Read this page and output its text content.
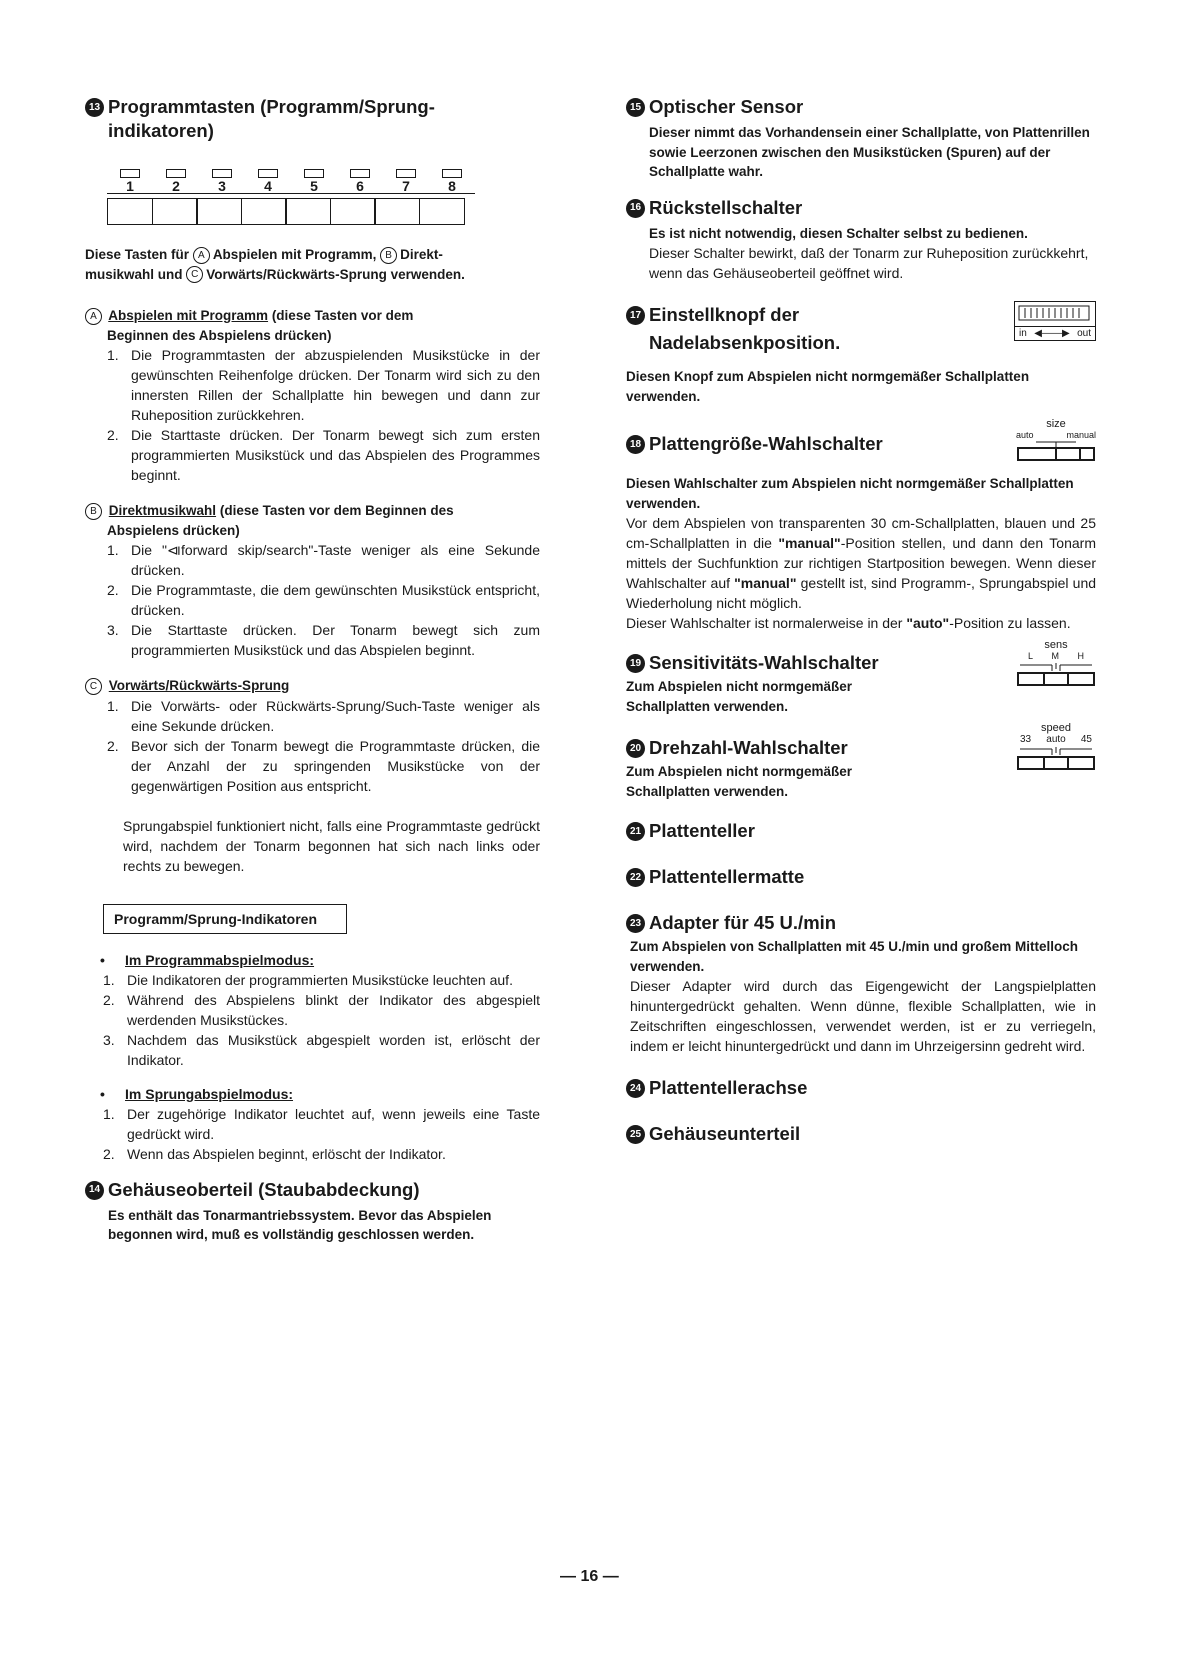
13 Programmtasten (Programm/Sprung-
indikatoren)
1	2	3	4	5	6	7	8
Diese Tasten für A Abspielen mit Programm, B Direkt-
musikwahl und C Vorwärts/Rückwärts-Sprung verwenden.
A Abspielen mit Programm (diese Tasten vor dem
Beginnen des Abspielens drücken)
1. Die Programmtasten der abzuspielenden Musikstücke in der gewünschten Reihenfolge drücken. Der Tonarm wird sich zu den innersten Rillen der Schallplatte hin bewegen und dann zur Ruheposition zurückkehren.
2. Die Starttaste drücken. Der Tonarm bewegt sich zum ersten programmierten Musikstück und das Abspielen des Programmes beginnt.
B Direktmusikwahl (diese Tasten vor dem Beginnen des
Abspielens drücken)
1. Die "⧏forward skip/search"-Taste weniger als eine Sekunde drücken.
2. Die Programmtaste, die dem gewünschten Musikstück entspricht, drücken.
3. Die Starttaste drücken. Der Tonarm bewegt sich zum programmierten Musikstück und das Abspielen beginnt.
C Vorwärts/Rückwärts-Sprung
1. Die Vorwärts- oder Rückwärts-Sprung/Such-Taste weniger als eine Sekunde drücken.
2. Bevor sich der Tonarm bewegt die Programmtaste drücken, die der Anzahl der zu springenden Musikstücke von der gegenwärtigen Position aus entspricht.
Sprungabspiel funktioniert nicht, falls eine Programmtaste gedrückt wird, nachdem der Tonarm begonnen hat sich nach links oder rechts zu bewegen.
Programm/Sprung-Indikatoren
•	Im Programmabspielmodus:
1. Die Indikatoren der programmierten Musikstücke leuchten auf.
2. Während des Abspielens blinkt der Indikator des abgespielt werdenden Musikstückes.
3. Nachdem das Musikstück abgespielt worden ist, erlöscht der Indikator.
•	Im Sprungabspielmodus:
1. Der zugehörige Indikator leuchtet auf, wenn jeweils eine Taste gedrückt wird.
2. Wenn das Abspielen beginnt, erlöscht der Indikator.
14 Gehäuseoberteil (Staubabdeckung)
Es enthält das Tonarmantriebssystem. Bevor das Abspielen begonnen wird, muß es vollständig geschlossen werden.
15 Optischer Sensor
Dieser nimmt das Vorhandensein einer Schallplatte, von Plattenrillen sowie Leerzonen zwischen den Musikstücken (Spuren) auf der Schallplatte wahr.
16 Rückstellschalter
Es ist nicht notwendig, diesen Schalter selbst zu bedienen.
Dieser Schalter bewirkt, daß der Tonarm zur Ruheposition zurückkehrt, wenn das Gehäuseoberteil geöffnet wird.
17 Einstellknopf der
Nadelabsenkposition.	in ◀——▶ out
Diesen Knopf zum Abspielen nicht normgemäßer Schallplatten verwenden.
18 Plattengröße-Wahlschalter
size
auto	manual
Diesen Wahlschalter zum Abspielen nicht normgemäßer Schallplatten verwenden.
Vor dem Abspielen von transparenten 30 cm-Schallplatten, blauen und 25 cm-Schallplatten in die "manual"-Position stellen, und dann den Tonarm mittels der Suchfunktion zur richtigen Startposition bewegen. Wenn dieser Wahlschalter auf "manual" gestellt ist, sind Programm-, Sprungabspiel und Wiederholung nicht möglich.
Dieser Wahlschalter ist normalerweise in der "auto"-Position zu lassen.
19 Sensitivitäts-Wahlschalter
Zum Abspielen nicht normgemäßer Schallplatten verwenden.
sens
L M H
20 Drehzahl-Wahlschalter
Zum Abspielen nicht normgemäßer Schallplatten verwenden.
speed
33 auto 45
21 Plattenteller
22 Plattentellermatte
23 Adapter für 45 U./min
Zum Abspielen von Schallplatten mit 45 U./min und großem Mittelloch verwenden.
Dieser Adapter wird durch das Eigengewicht der Langspielplatten hinuntergedrückt gehalten. Wenn dünne, flexible Schallplatten, wie in Zeitschriften eingeschlossen, verwendet werden, ist er zu verriegeln, indem er leicht hinuntergedrückt und dann im Uhrzeigersinn gedreht wird.
24 Plattentellerachse
25 Gehäuseunterteil
— 16 —
